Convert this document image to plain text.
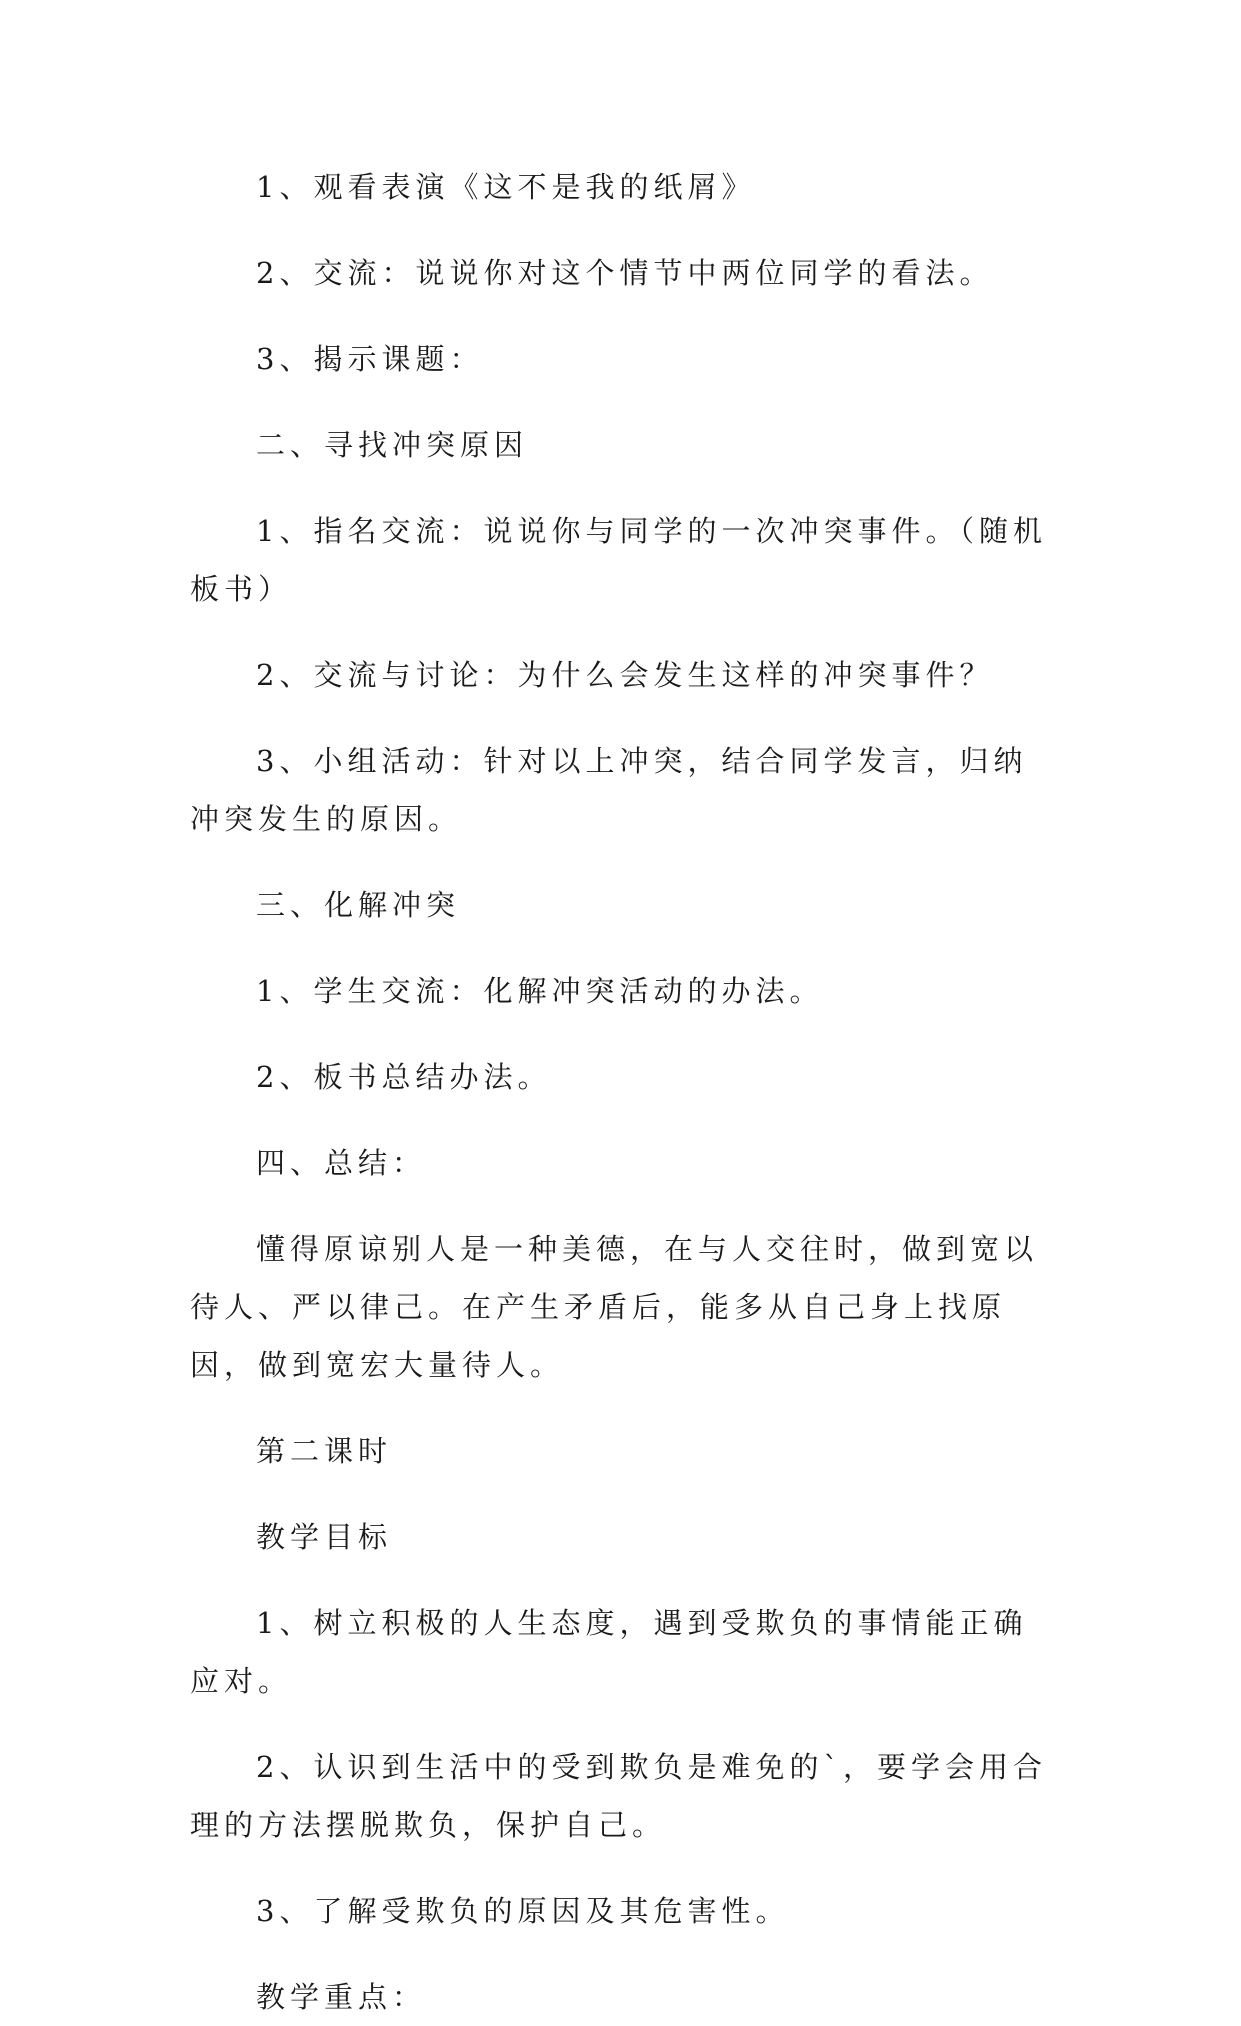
1、观看表演《这不是我的纸屑》

2、交流：说说你对这个情节中两位同学的看法。

3、揭示课题：

二、寻找冲突原因

1、指名交流：说说你与同学的一次冲突事件。（随机板书）

2、交流与讨论：为什么会发生这样的冲突事件？

3、小组活动：针对以上冲突，结合同学发言，归纳冲突发生的原因。

三、化解冲突

1、学生交流：化解冲突活动的办法。

2、板书总结办法。

四、总结：

懂得原谅别人是一种美德，在与人交往时，做到宽以待人、严以律己。在产生矛盾后，能多从自己身上找原因，做到宽宏大量待人。

第二课时

教学目标

1、树立积极的人生态度，遇到受欺负的事情能正确应对。

2、认识到生活中的受到欺负是难免的`，要学会用合理的方法摆脱欺负，保护自己。

3、了解受欺负的原因及其危害性。

教学重点：
